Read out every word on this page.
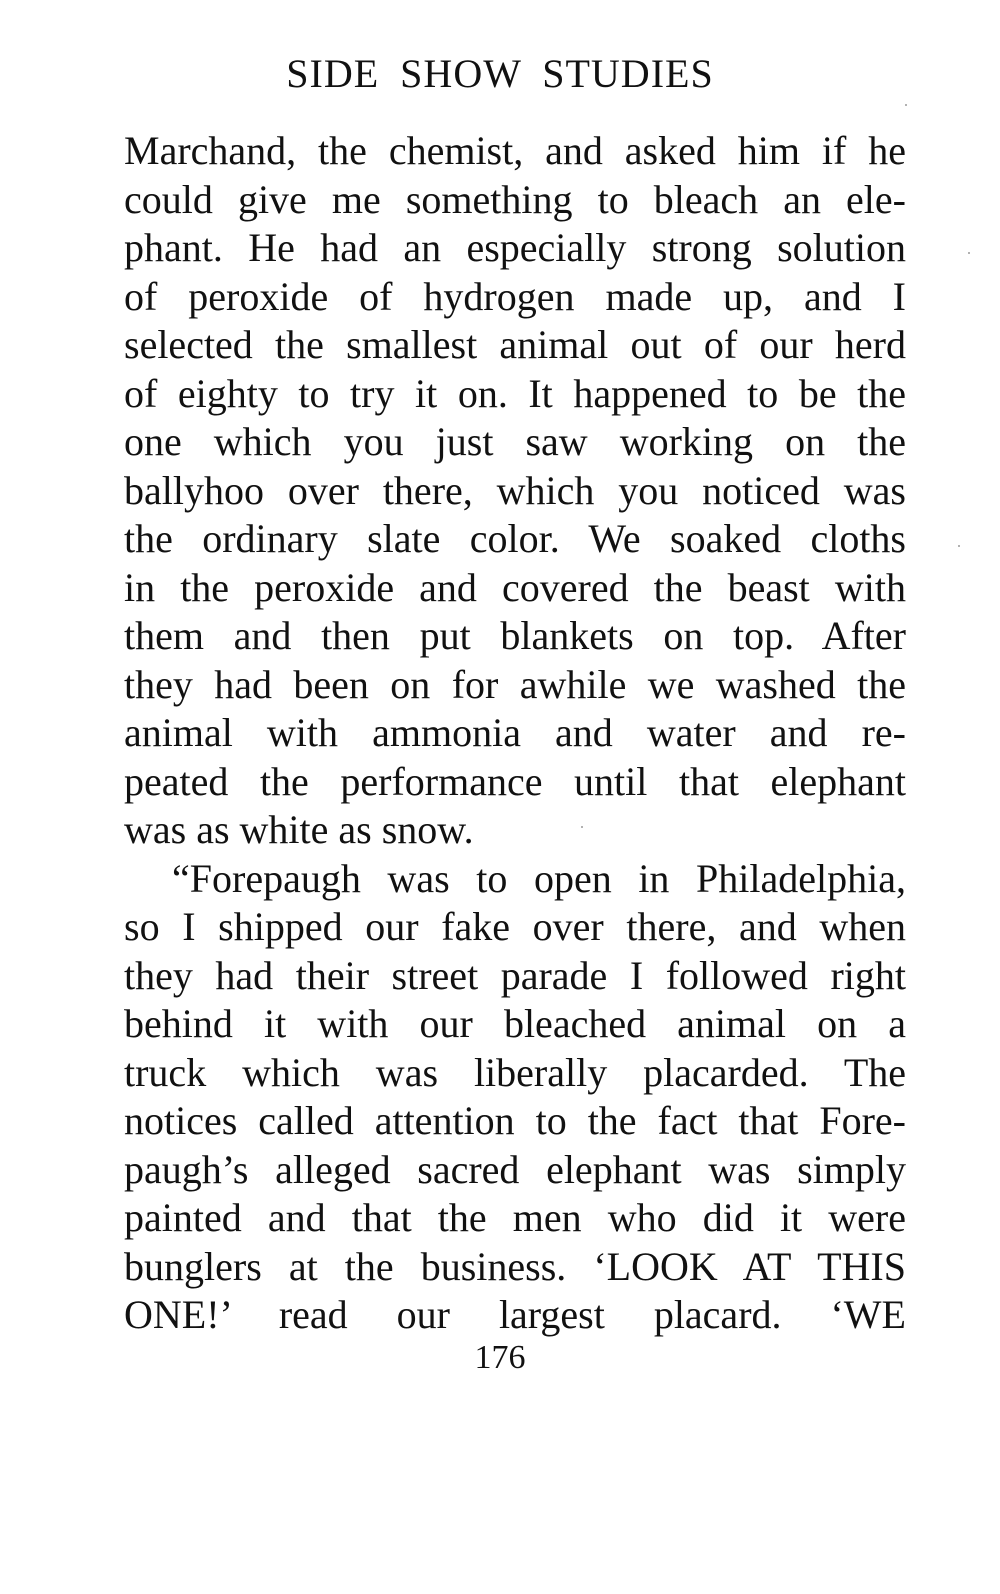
SIDE SHOW STUDIES
Marchand, the chemist, and asked him if he
could give me something to bleach an ele-
phant. He had an especially strong solution
of peroxide of hydrogen made up, and I
selected the smallest animal out of our herd
of eighty to try it on. It happened to be the
one which you just saw working on the
ballyhoo over there, which you noticed was
the ordinary slate color. We soaked cloths
in the peroxide and covered the beast with
them and then put blankets on top. After
they had been on for awhile we washed the
animal with ammonia and water and re-
peated the performance until that elephant
was as white as snow.
“Forepaugh was to open in Philadelphia,
so I shipped our fake over there, and when
they had their street parade I followed right
behind it with our bleached animal on a
truck which was liberally placarded. The
notices called attention to the fact that Fore-
paugh’s alleged sacred elephant was simply
painted and that the men who did it were
bunglers at the business. ‘LOOK AT THIS
ONE!’ read our largest placard. ‘WE
176
